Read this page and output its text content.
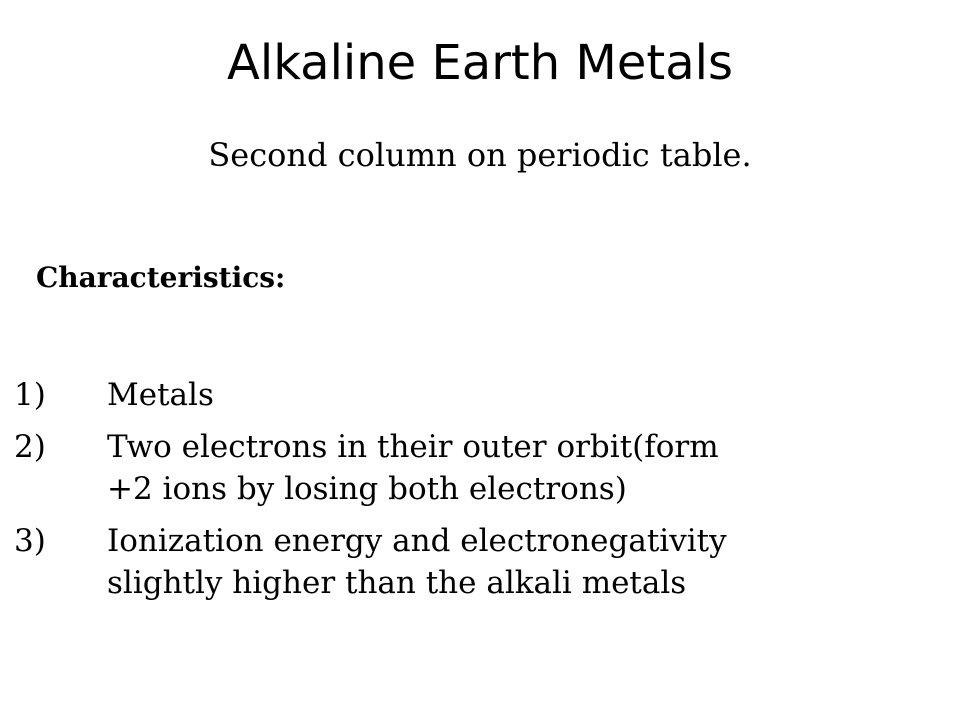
Alkaline Earth Metals
Second column on periodic table.
Characteristics:
1) Metals
2) Two electrons in their outer orbit(form
+2 ions by losing both electrons)
3) Ionization energy and electronegativity
slightly higher than the alkali metals
